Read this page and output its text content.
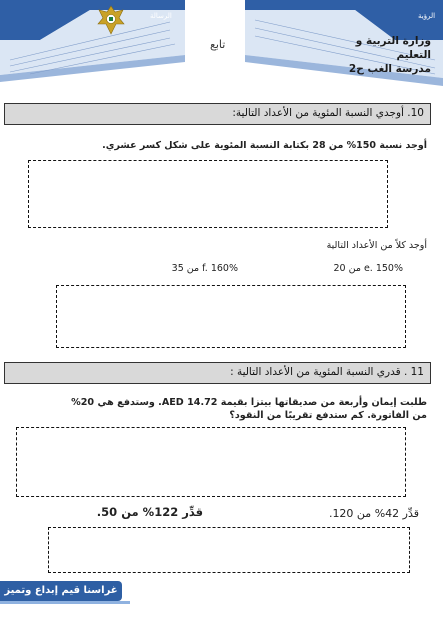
الرسالة	الرؤية
وزارة التربية و التعليم
مدرسة الغب ح2
تابع
10. أوجدي النسبة المئوية من الأعداد التالية:
أوجد نسبة 150% من 28 بكتابة النسبة المئوية على شكل كسر عشري.
أوجد كلاً من الأعداد التالية
e. 150% من 20
f. 160% من 35
11 . قدري النسبة المئوية من الأعداد التالية :
طلبت إيمان وأربعة من صديقاتها بيتزا بقيمة AED 14.72. وستدفع هي 20%
من الفاتورة. كم ستدفع تقريبًا من النقود؟
قدِّر 42% من 120.
قدِّر 122% من 50.
غراسنا قيم إبداع وتميز
